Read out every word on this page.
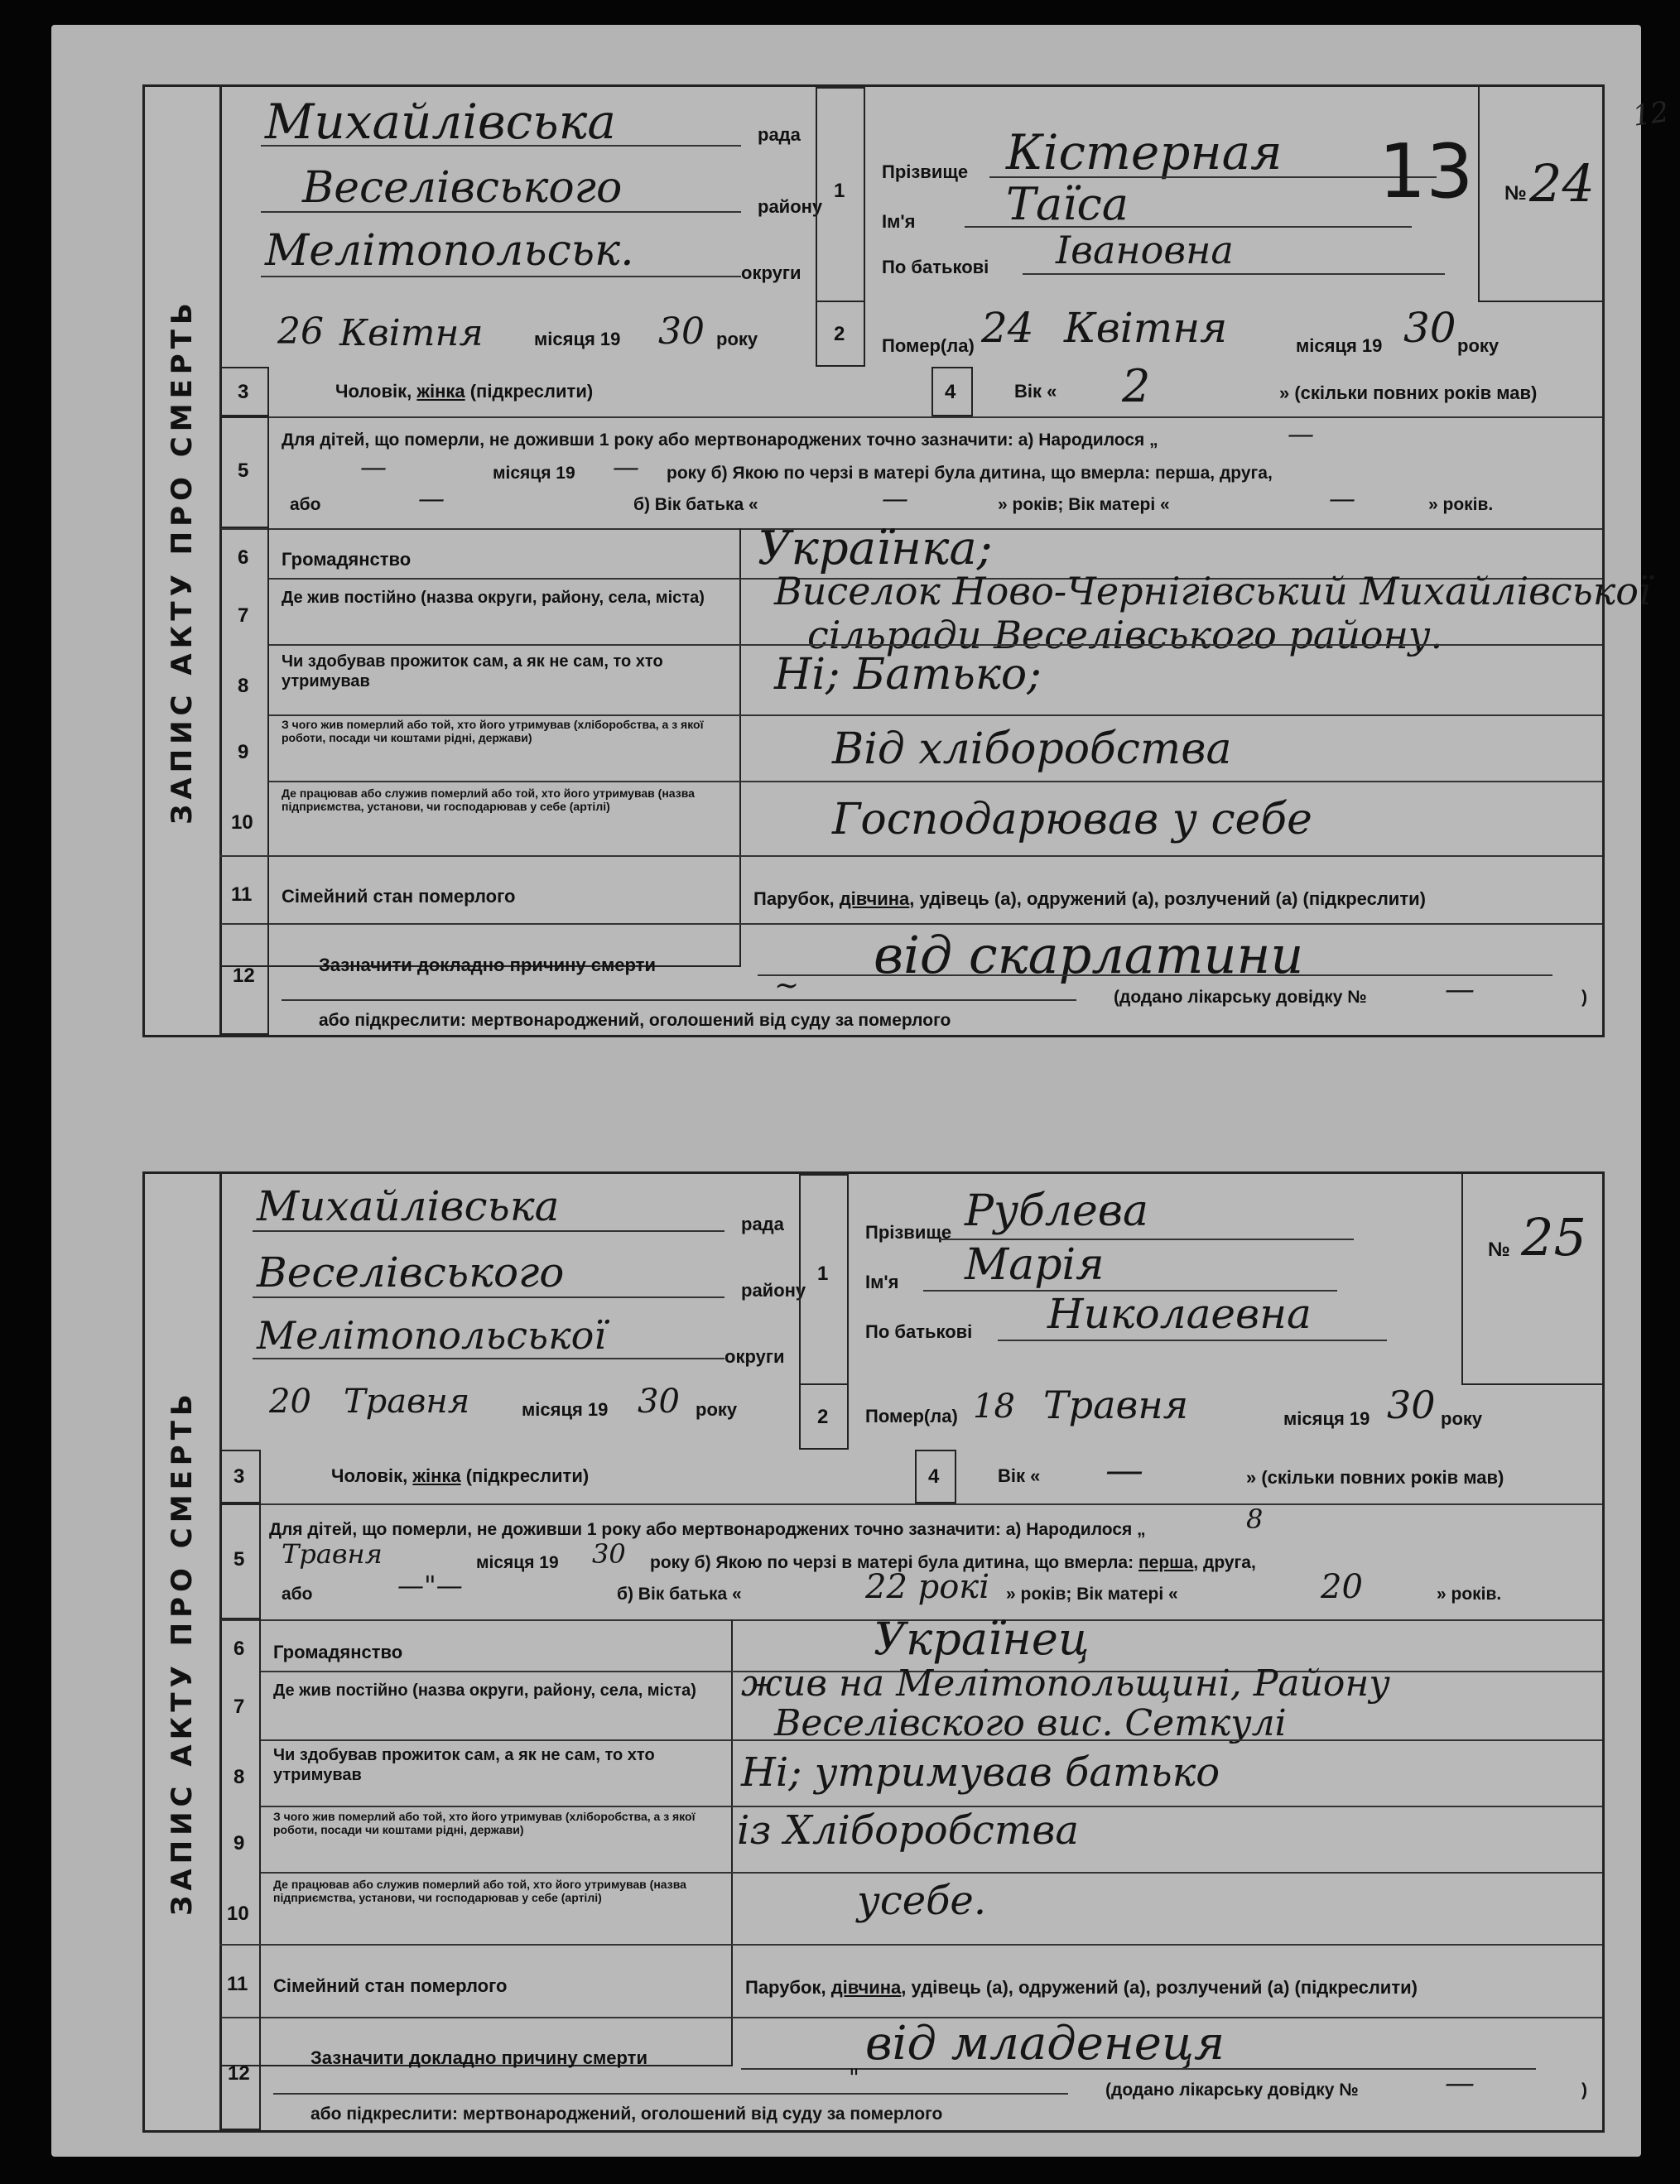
12
ЗАПИС АКТУ ПРО СМЕРТЬ
Михайлівська	рада
Веселівського	району
Мелітопольськ.	округи
26 Квітня	місяця 19 30 року
1
2
Прізвище Кістерная
Ім'я Таїса
По батькові Івановна
13 № 24
Помер(ла) 24 Квітня	місяця 19 30 року
3	Чоловік, жінка (підкреслити)	4	Вік « 2	» (скільки повних років мав)
5
Для дітей, що померли, не доживши 1 року або мертвонароджених точно зазначити: а) Народилося „	—
—	місяця 19 — року б) Якою по черзі в матері була дитина, що вмерла: перша, друга,
або	—	б) Вік батька «	—	» років; Вік матері «	—	» років.
6 Громадянство	Українка;
7
Де жив постійно (назва округи, району, села, міста)	Виселок Ново-Чернігівський Михайлівської
сільради Веселівського району.
8
Чи здобував прожиток сам, а як не сам, то хто утримував	Ні; Батько;
9
З чого жив померлий або той, хто його утримував (хліборобства, а з якої роботи, посади чи коштами рідні, держави)	Від хліборобства
10
Де працював або служив померлий або той, хто його утримував (назва підприємства, установи, чи господарював у себе (артілі)	Господарював у себе
11 Сімейний стан померлого	Парубок, дівчина, удівець (а), одружений (а), розлучений (а) (підкреслити)
12	Зазначити докладно причину смерти	від скарлатини
~	(додано лікарську довідку №	—	)
або підкреслити: мертвонароджений, оголошений від суду за померлого
ЗАПИС АКТУ ПРО СМЕРТЬ
Михайлівська	рада
Веселівського	району
Мелітопольської	округи
20 Травня	місяця 19 30 року
1
2
Прізвище Рублева
Ім'я Марія
По батькові Николаевна
№ 25
Помер(ла) 18 Травня	місяця 19 30 року
3	Чоловік, жінка (підкреслити)	4	Вік « —	» (скільки повних років мав)
5
Для дітей, що померли, не доживши 1 року або мертвонароджених точно зазначити: а) Народилося „	8
Травня	місяця 19 30 року б) Якою по черзі в матері була дитина, що вмерла: перша, друга,
або	—"—	б) Вік батька «	22 рокі » років; Вік матері «	20	» років.
6 Громадянство	Українец
7
Де жив постійно (назва округи, району, села, міста)	жив на Мелітопольщині, Району
Веселівского вис. Сеткулі
8
Чи здобував прожиток сам, а як не сам, то хто утримував	Ні; утримував батько
9
З чого жив померлий або той, хто його утримував (хліборобства, а з якої роботи, посади чи коштами рідні, держави)	із Хліборобства
10
Де працював або служив померлий або той, хто його утримував (назва підприємства, установи, чи господарював у себе (артілі)	усебе.
11 Сімейний стан померлого	Парубок, дівчина, удівець (а), одружений (а), розлучений (а) (підкреслити)
12
Зазначити докладно причину смерти	від младенеця
"	(додано лікарську довідку №	—	)
або підкреслити: мертвонароджений, оголошений від суду за померлого
